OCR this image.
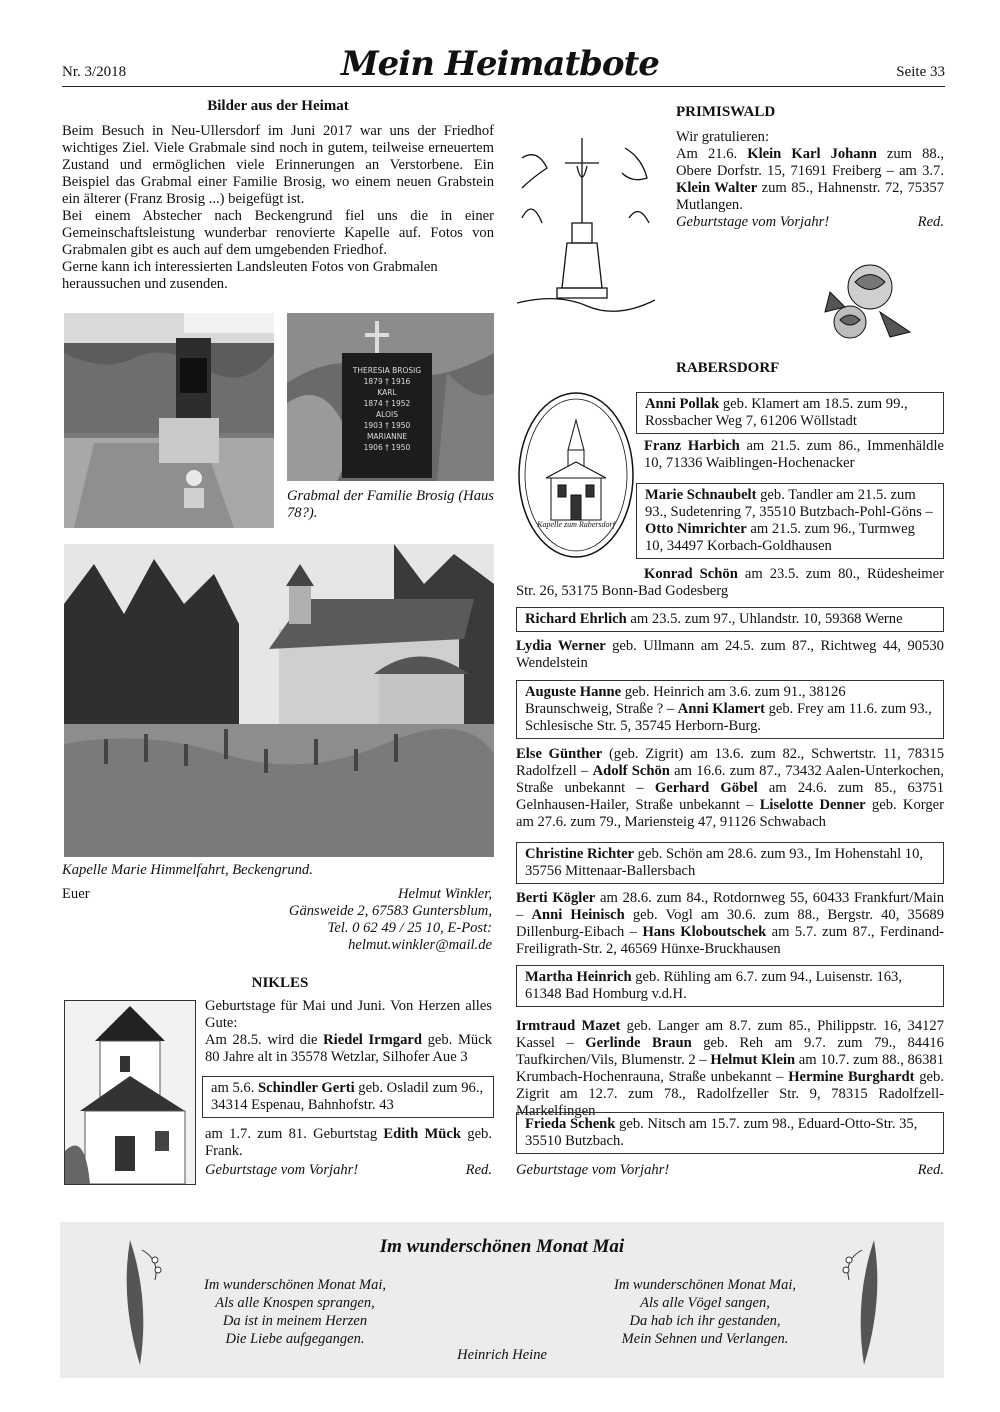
Nr. 3/2018	Mein Heimatbote	Seite 33
Bilder aus der Heimat

Beim Besuch in Neu-Ullersdorf im Juni 2017 war uns der Friedhof wichtiges Ziel. Viele Grabmale sind noch in gutem, teilweise erneuertem Zustand und ermöglichen viele Erinnerungen an Verstorbene. Ein Beispiel das Grabmal einer Familie Brosig, wo einem neuen Grabstein ein älterer (Franz Brosig ...) beigefügt ist.

Bei einem Abstecher nach Beckengrund fiel uns die in einer Gemeinschaftsleistung wunderbar renovierte Kapelle auf. Fotos von Grabmalen gibt es auch auf dem umgebenden Friedhof.

Gerne kann ich interessierten Landsleuten Fotos von Grabmalen heraussuchen und zusenden.

THERESIA BROSIG
1879 † 1916
KARL
1874 † 1952
ALOIS
1903 † 1950
MARIANNE
1906 † 1950
Grabmal der Familie Brosig (Haus 78?).
Kapelle Marie Himmelfahrt, Beckengrund.
Euer	Helmut Winkler,
Gänsweide 2, 67583 Guntersblum,
Tel. 0 62 49 / 25 10, E-Post: helmut.winkler@mail.de
NIKLES
Geburtstage für Mai und Juni. Von Herzen alles Gute:
Am 28.5. wird die Riedel Irmgard geb. Mück 80 Jahre alt in 35578 Wetzlar, Silhofer Aue 3
am 5.6. Schindler Gerti geb. Osladil zum 96., 34314 Espenau, Bahnhofstr. 43
am 1.7. zum 81. Geburtstag Edith Mück geb. Frank.
Geburtstage vom Vorjahr!	Red.
PRIMISWALD
Wir gratulieren:
Am 21.6. Klein Karl Johann zum 88., Obere Dorfstr. 15, 71691 Freiberg – am 3.7. Klein Walter zum 85., Hahnenstr. 72, 75357 Mutlangen.
Geburtstage vom Vorjahr!	Red.
RABERSDORF
Kapelle zum Rabersdorf
Anni Pollak geb. Klamert am 18.5. zum 99., Rossbacher Weg 7, 61206 Wöllstadt
Franz Harbich am 21.5. zum 86., Immenhäldle 10, 71336 Waiblingen-Hochenacker
Marie Schnaubelt geb. Tandler am 21.5. zum 93., Sudetenring 7, 35510 Butzbach-Pohl-Göns – Otto Nimrichter am 21.5. zum 96., Turmweg 10, 34497 Korbach-Goldhausen
Konrad Schön am 23.5. zum 80., Rüdesheimer Str. 26, 53175 Bonn-Bad Godesberg
Richard Ehrlich am 23.5. zum 97., Uhlandstr. 10, 59368 Werne
Lydia Werner geb. Ullmann am 24.5. zum 87., Richtweg 44, 90530 Wendelstein
Auguste Hanne geb. Heinrich am 3.6. zum 91., 38126 Braunschweig, Straße ? – Anni Klamert geb. Frey am 11.6. zum 93., Schlesische Str. 5, 35745 Herborn-Burg.
Else Günther (geb. Zigrit) am 13.6. zum 82., Schwertstr. 11, 78315 Radolfzell – Adolf Schön am 16.6. zum 87., 73432 Aalen-Unterkochen, Straße unbekannt – Gerhard Göbel am 24.6. zum 85., 63751 Gelnhausen-Hailer, Straße unbekannt – Liselotte Denner geb. Korger am 27.6. zum 79., Mariensteig 47, 91126 Schwabach
Christine Richter geb. Schön am 28.6. zum 93., Im Hohenstahl 10, 35756 Mittenaar-Ballersbach
Berti Kögler am 28.6. zum 84., Rotdornweg 55, 60433 Frankfurt/Main – Anni Heinisch geb. Vogl am 30.6. zum 88., Bergstr. 40, 35689 Dillenburg-Eibach – Hans Kloboutschek am 5.7. zum 87., Ferdinand-Freiligrath-Str. 2, 46569 Hünxe-Bruckhausen
Martha Heinrich geb. Rühling am 6.7. zum 94., Luisenstr. 163, 61348 Bad Homburg v.d.H.
Irmtraud Mazet geb. Langer am 8.7. zum 85., Philippstr. 16, 34127 Kassel – Gerlinde Braun geb. Reh am 9.7. zum 79., 84416 Taufkirchen/Vils, Blumenstr. 2 – Helmut Klein am 10.7. zum 88., 86381 Krumbach-Hochenrauna, Straße unbekannt – Hermine Burghardt geb. Zigrit am 12.7. zum 78., Radolfzeller Str. 9, 78315 Radolfzell-Markelfingen
Frieda Schenk geb. Nitsch am 15.7. zum 98., Eduard-Otto-Str. 35, 35510 Butzbach.
Geburtstage vom Vorjahr!	Red.
Im wunderschönen Monat Mai
Im wunderschönen Monat Mai,
Als alle Knospen sprangen,
Da ist in meinem Herzen
Die Liebe aufgegangen.
Im wunderschönen Monat Mai,
Als alle Vögel sangen,
Da hab ich ihr gestanden,
Mein Sehnen und Verlangen.
Heinrich Heine
